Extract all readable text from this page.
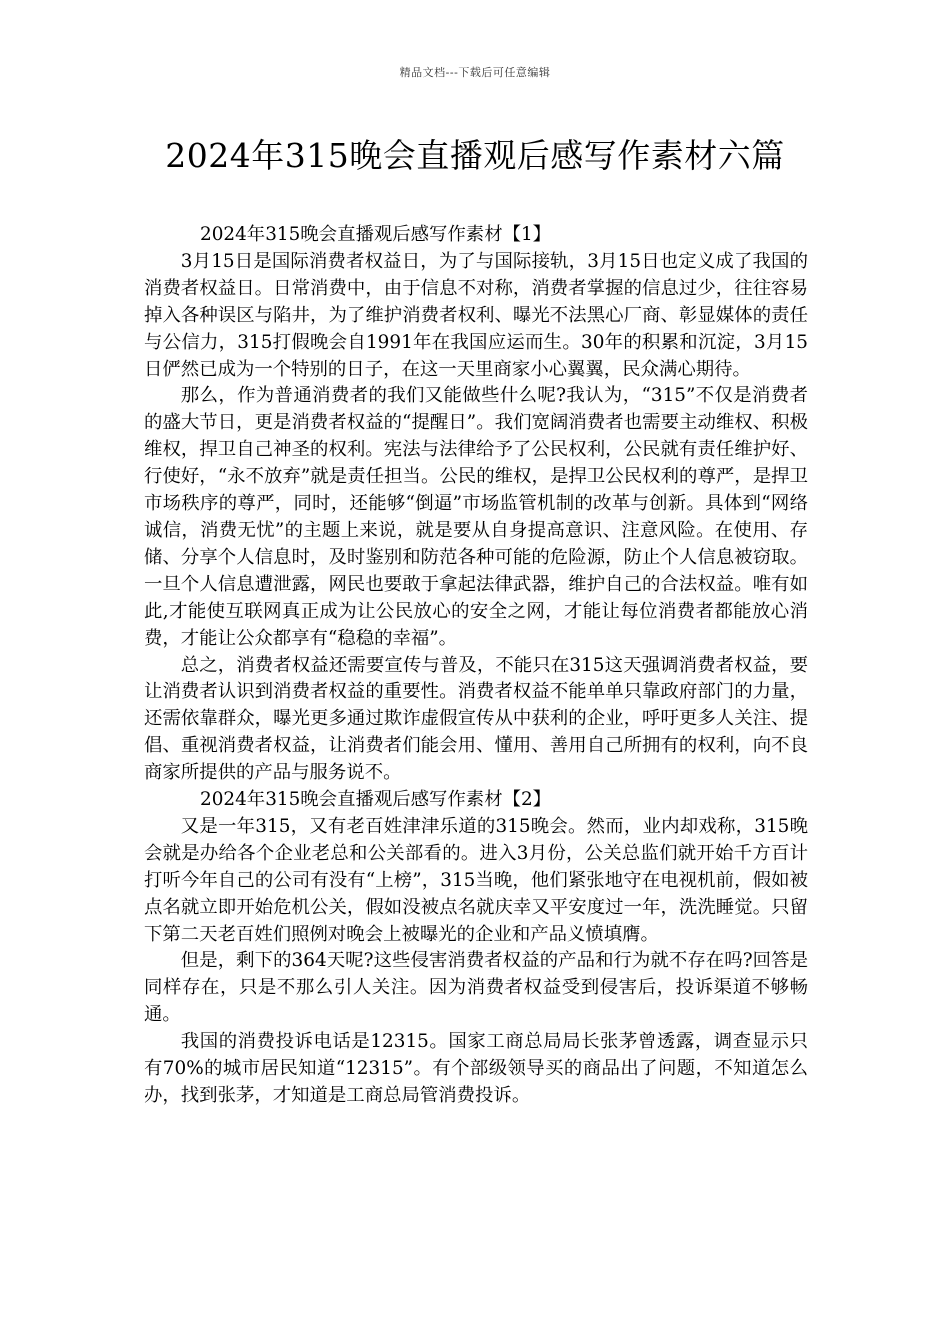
精品文档---下载后可任意编辑
2024年315晚会直播观后感写作素材六篇

2024年315晚会直播观后感写作素材【1】

3月15日是国际消费者权益日，为了与国际接轨，3月15日也定义成了我国的消费者权益日。日常消费中，由于信息不对称，消费者掌握的信息过少，往往容易掉入各种误区与陷井，为了维护消费者权利、曝光不法黑心厂商、彰显媒体的责任与公信力，315打假晚会自1991年在我国应运而生。30年的积累和沉淀，3月15日俨然已成为一个特别的日子，在这一天里商家小心翼翼，民众满心期待。

那么，作为普通消费者的我们又能做些什么呢?我认为，“315”不仅是消费者的盛大节日，更是消费者权益的“提醒日”。我们宽阔消费者也需要主动维权、积极维权，捍卫自己神圣的权利。宪法与法律给予了公民权利，公民就有责任维护好、行使好，“永不放弃”就是责任担当。公民的维权，是捍卫公民权利的尊严，是捍卫市场秩序的尊严，同时，还能够“倒逼”市场监管机制的改革与创新。具体到“网络诚信，消费无忧”的主题上来说，就是要从自身提高意识、注意风险。在使用、存储、分享个人信息时，及时鉴别和防范各种可能的危险源，防止个人信息被窃取。一旦个人信息遭泄露，网民也要敢于拿起法律武器，维护自己的合法权益。唯有如此,才能使互联网真正成为让公民放心的安全之网，才能让每位消费者都能放心消费，才能让公众都享有“稳稳的幸福”。

总之，消费者权益还需要宣传与普及，不能只在315这天强调消费者权益，要让消费者认识到消费者权益的重要性。消费者权益不能单单只靠政府部门的力量，还需依靠群众，曝光更多通过欺诈虚假宣传从中获利的企业，呼吁更多人关注、提倡、重视消费者权益，让消费者们能会用、懂用、善用自己所拥有的权利，向不良商家所提供的产品与服务说不。

2024年315晚会直播观后感写作素材【2】

又是一年315，又有老百姓津津乐道的315晚会。然而，业内却戏称，315晚会就是办给各个企业老总和公关部看的。进入3月份，公关总监们就开始千方百计打听今年自己的公司有没有“上榜”，315当晚，他们紧张地守在电视机前，假如被点名就立即开始危机公关，假如没被点名就庆幸又平安度过一年，洗洗睡觉。只留下第二天老百姓们照例对晚会上被曝光的企业和产品义愤填膺。

但是，剩下的364天呢?这些侵害消费者权益的产品和行为就不存在吗?回答是同样存在，只是不那么引人关注。因为消费者权益受到侵害后，投诉渠道不够畅通。

我国的消费投诉电话是12315。国家工商总局局长张茅曾透露，调查显示只有70%的城市居民知道“12315”。有个部级领导买的商品出了问题，不知道怎么办，找到张茅，才知道是工商总局管消费投诉。
